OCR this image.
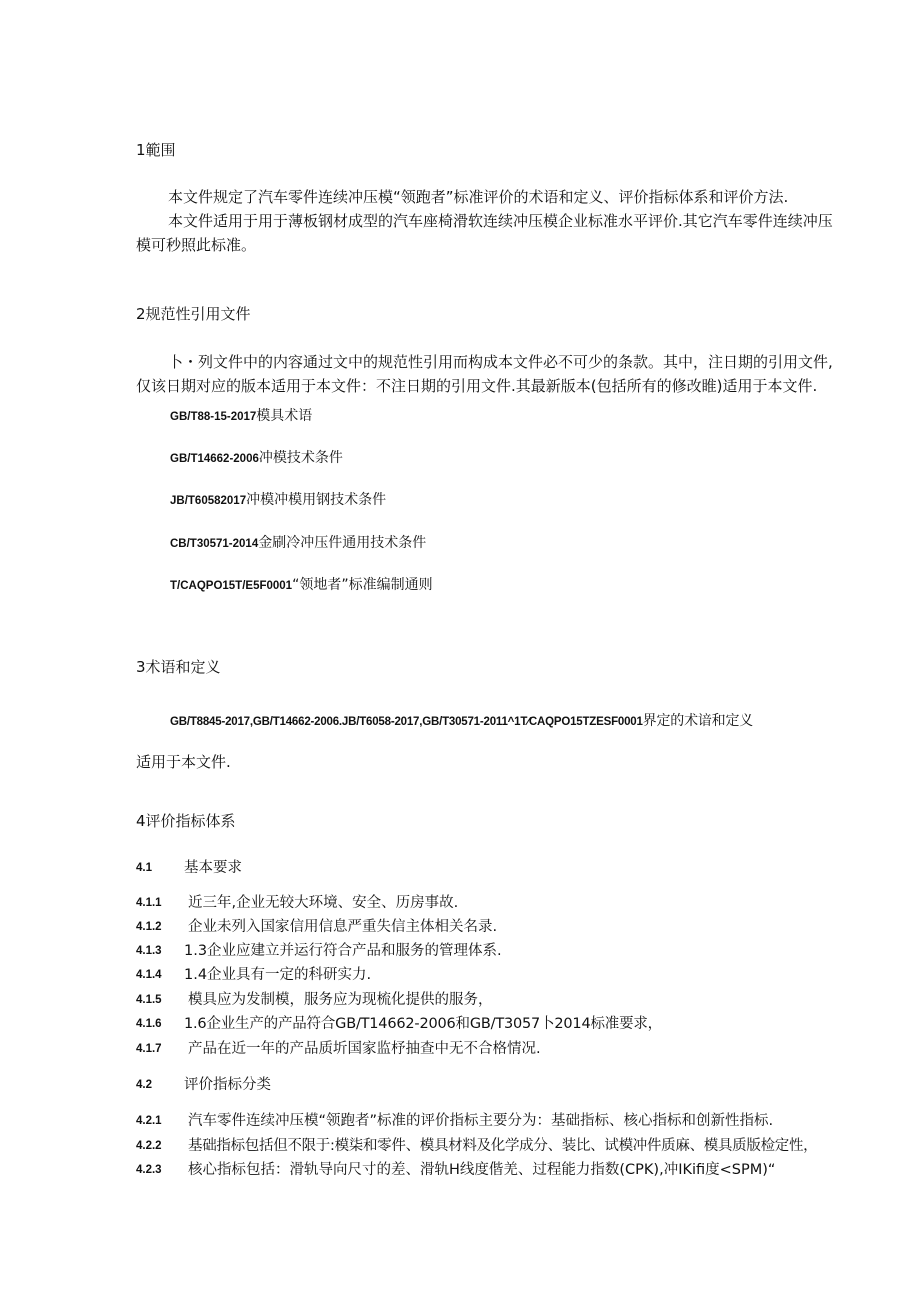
1範围
本文件规定了汽车零件连续冲压模“领跑者”标准评价的术语和定义、评价指标体系和评价方法.
本文件适用于用于薄板钢材成型的汽车座椅滑软连续冲压模企业标准水平评价.其它汽车零件连续冲压
模可秒照此标准。
2规范性引用文件
卜・列文件中的内容通过文中的规范性引用而构成本文件必不可少的条款。其中，注日期的引用文件,
仅该日期对应的版本适用于本文件：不注日期的引用文件.其最新版本(包括所有的修改睢)适用于本文件.
GB/T88-15-2017模具术语
GB/T14662-2006冲模技术条件
JB/T60582017冲模冲模用钢技术条件
CB/T30571-2014金刷冷冲压件通用技术条件
T/CAQPO15T/E5F0001“领地者”标准编制通则
3术语和定义
GB/T8845-2017,GB/T14662-2006.JB/T6058-2017,GB/T30571-2011^1T∕CAQPO15TZESF0001界定的术谙和定义
适用于本文件.
4评价指标体系
4.1 基本要求
4.1.1 近三年,企业无较大环境、安全、历房事故.
4.1.2 企业未列入国家信用信息严重失信主体相关名录.
4.1.3 1.3企业应建立并运行符合产品和服务的管理体系.
4.1.4 1.4企业具有一定的科研实力.
4.1.5 模具应为发制模，服务应为现梳化提供的服务，
4.1.6 1.6企业生产的产品符合GB/T14662-2006和GB/T3057卜2014标准要求，
4.1.7 产品在近一年的产品质圻国家监杼抽查中无不合格情况.
4.2 评价指标分类
4.2.1 汽车零件连续冲压模“领跑者”标准的评价指标主要分为：基础指标、核心指标和创新性指标.
4.2.2 基础指标包括但不限于:模柒和零件、模具材料及化学成分、装比、试模冲件质麻、模具质版检定性，
4.2.3 核心指标包括：滑轨导向尺寸的差、滑轨H线度偕羌、过程能力指数(CPK),冲IKifi度<SPM)“
